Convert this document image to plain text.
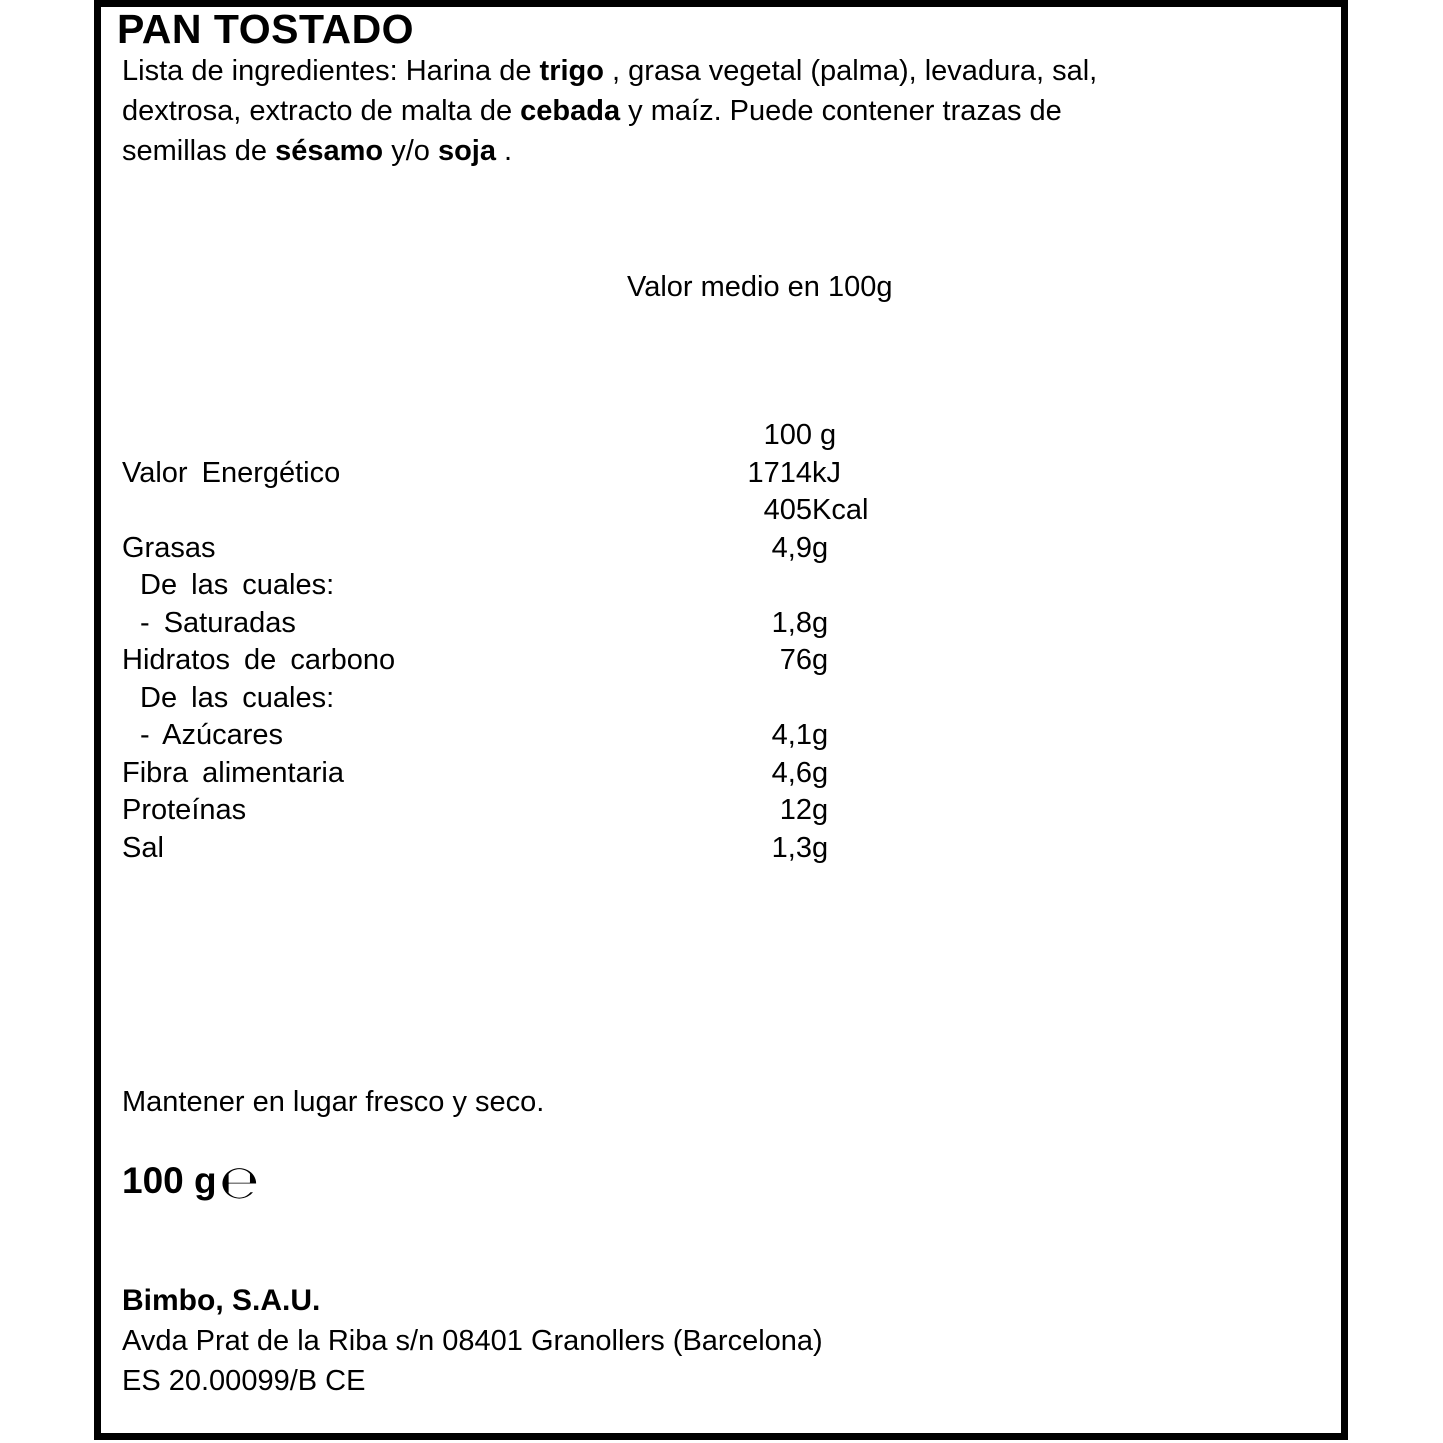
PAN TOSTADO
Lista de ingredientes: Harina de trigo , grasa vegetal (palma), levadura, sal,
dextrosa, extracto de malta de cebada y maíz. Puede contener trazas de
semillas de sésamo y/o soja .
Valor medio en 100g
100 g
Valor Energético	1714kJ
405Kcal
Grasas	4,9g
De las cuales:
- Saturadas	1,8g
Hidratos de carbono	76g
De las cuales:
- Azúcares	4,1g
Fibra alimentaria	4,6g
Proteínas	12g
Sal	1,3g
Mantener en lugar fresco y seco.
100 g℮
Bimbo, S.A.U.
Avda Prat de la Riba s/n 08401 Granollers (Barcelona)
ES 20.00099/B CE
